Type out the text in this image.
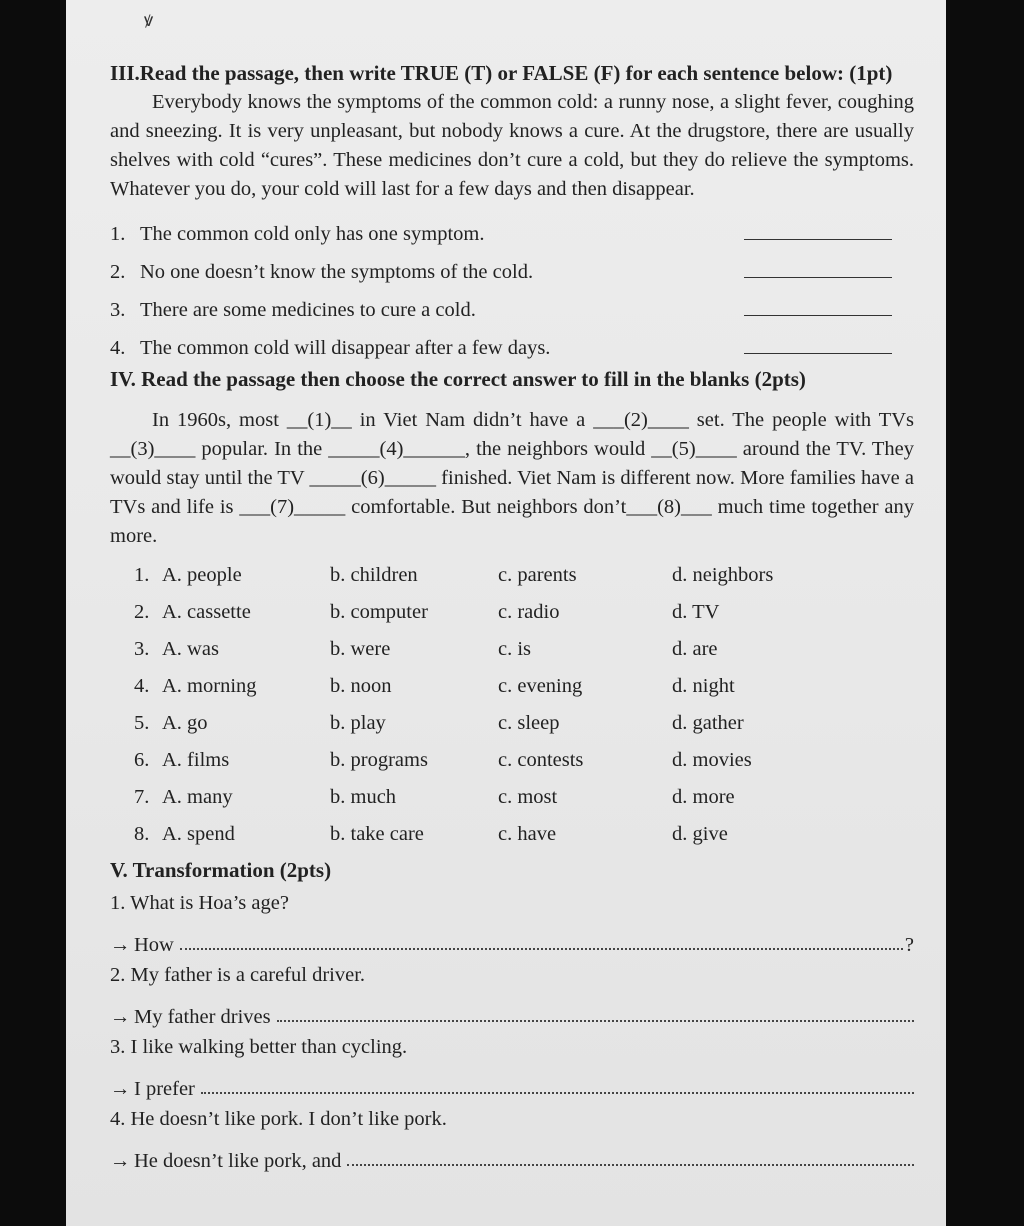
ꝟ
III.Read the passage, then write TRUE (T) or FALSE (F) for each sentence below: (1pt)

Everybody knows the symptoms of the common cold: a runny nose, a slight fever, coughing and sneezing. It is very unpleasant, but nobody knows a cure. At the drugstore, there are usually shelves with cold “cures”. These medicines don’t cure a cold, but they do relieve the symptoms. Whatever you do, your cold will last for a few days and then disappear.

1. The common cold only has one symptom.
2. No one doesn’t know the symptoms of the cold.
3. There are some medicines to cure a cold.
4. The common cold will disappear after a few days.
IV. Read the passage then choose the correct answer to fill in the blanks (2pts)

In 1960s, most __(1)__ in Viet Nam didn’t have a ___(2)____ set. The people with TVs __(3)____ popular. In the _____(4)______, the neighbors would __(5)____ around the TV. They would stay until the TV _____(6)_____ finished. Viet Nam is different now. More families have a TVs and life is ___(7)_____ comfortable. But neighbors don’t___(8)___ much time together any more.

1.	A. people	b. children	c. parents	d. neighbors
2.	A. cassette	b. computer	c. radio	d. TV
3.	A. was	b. were	c. is	d. are
4.	A. morning	b. noon	c. evening	d. night
5.	A. go	b. play	c. sleep	d. gather
6.	A. films	b. programs	c. contests	d. movies
7.	A. many	b. much	c. most	d. more
8.	A. spend	b. take care	c. have	d. give
V. Transformation (2pts)
1. What is Hoa’s age?
→ How	?
2. My father is a careful driver.
→ My father drives
3. I like walking better than cycling.
→ I prefer
4. He doesn’t like pork. I don’t like pork.
→ He doesn’t like pork, and
